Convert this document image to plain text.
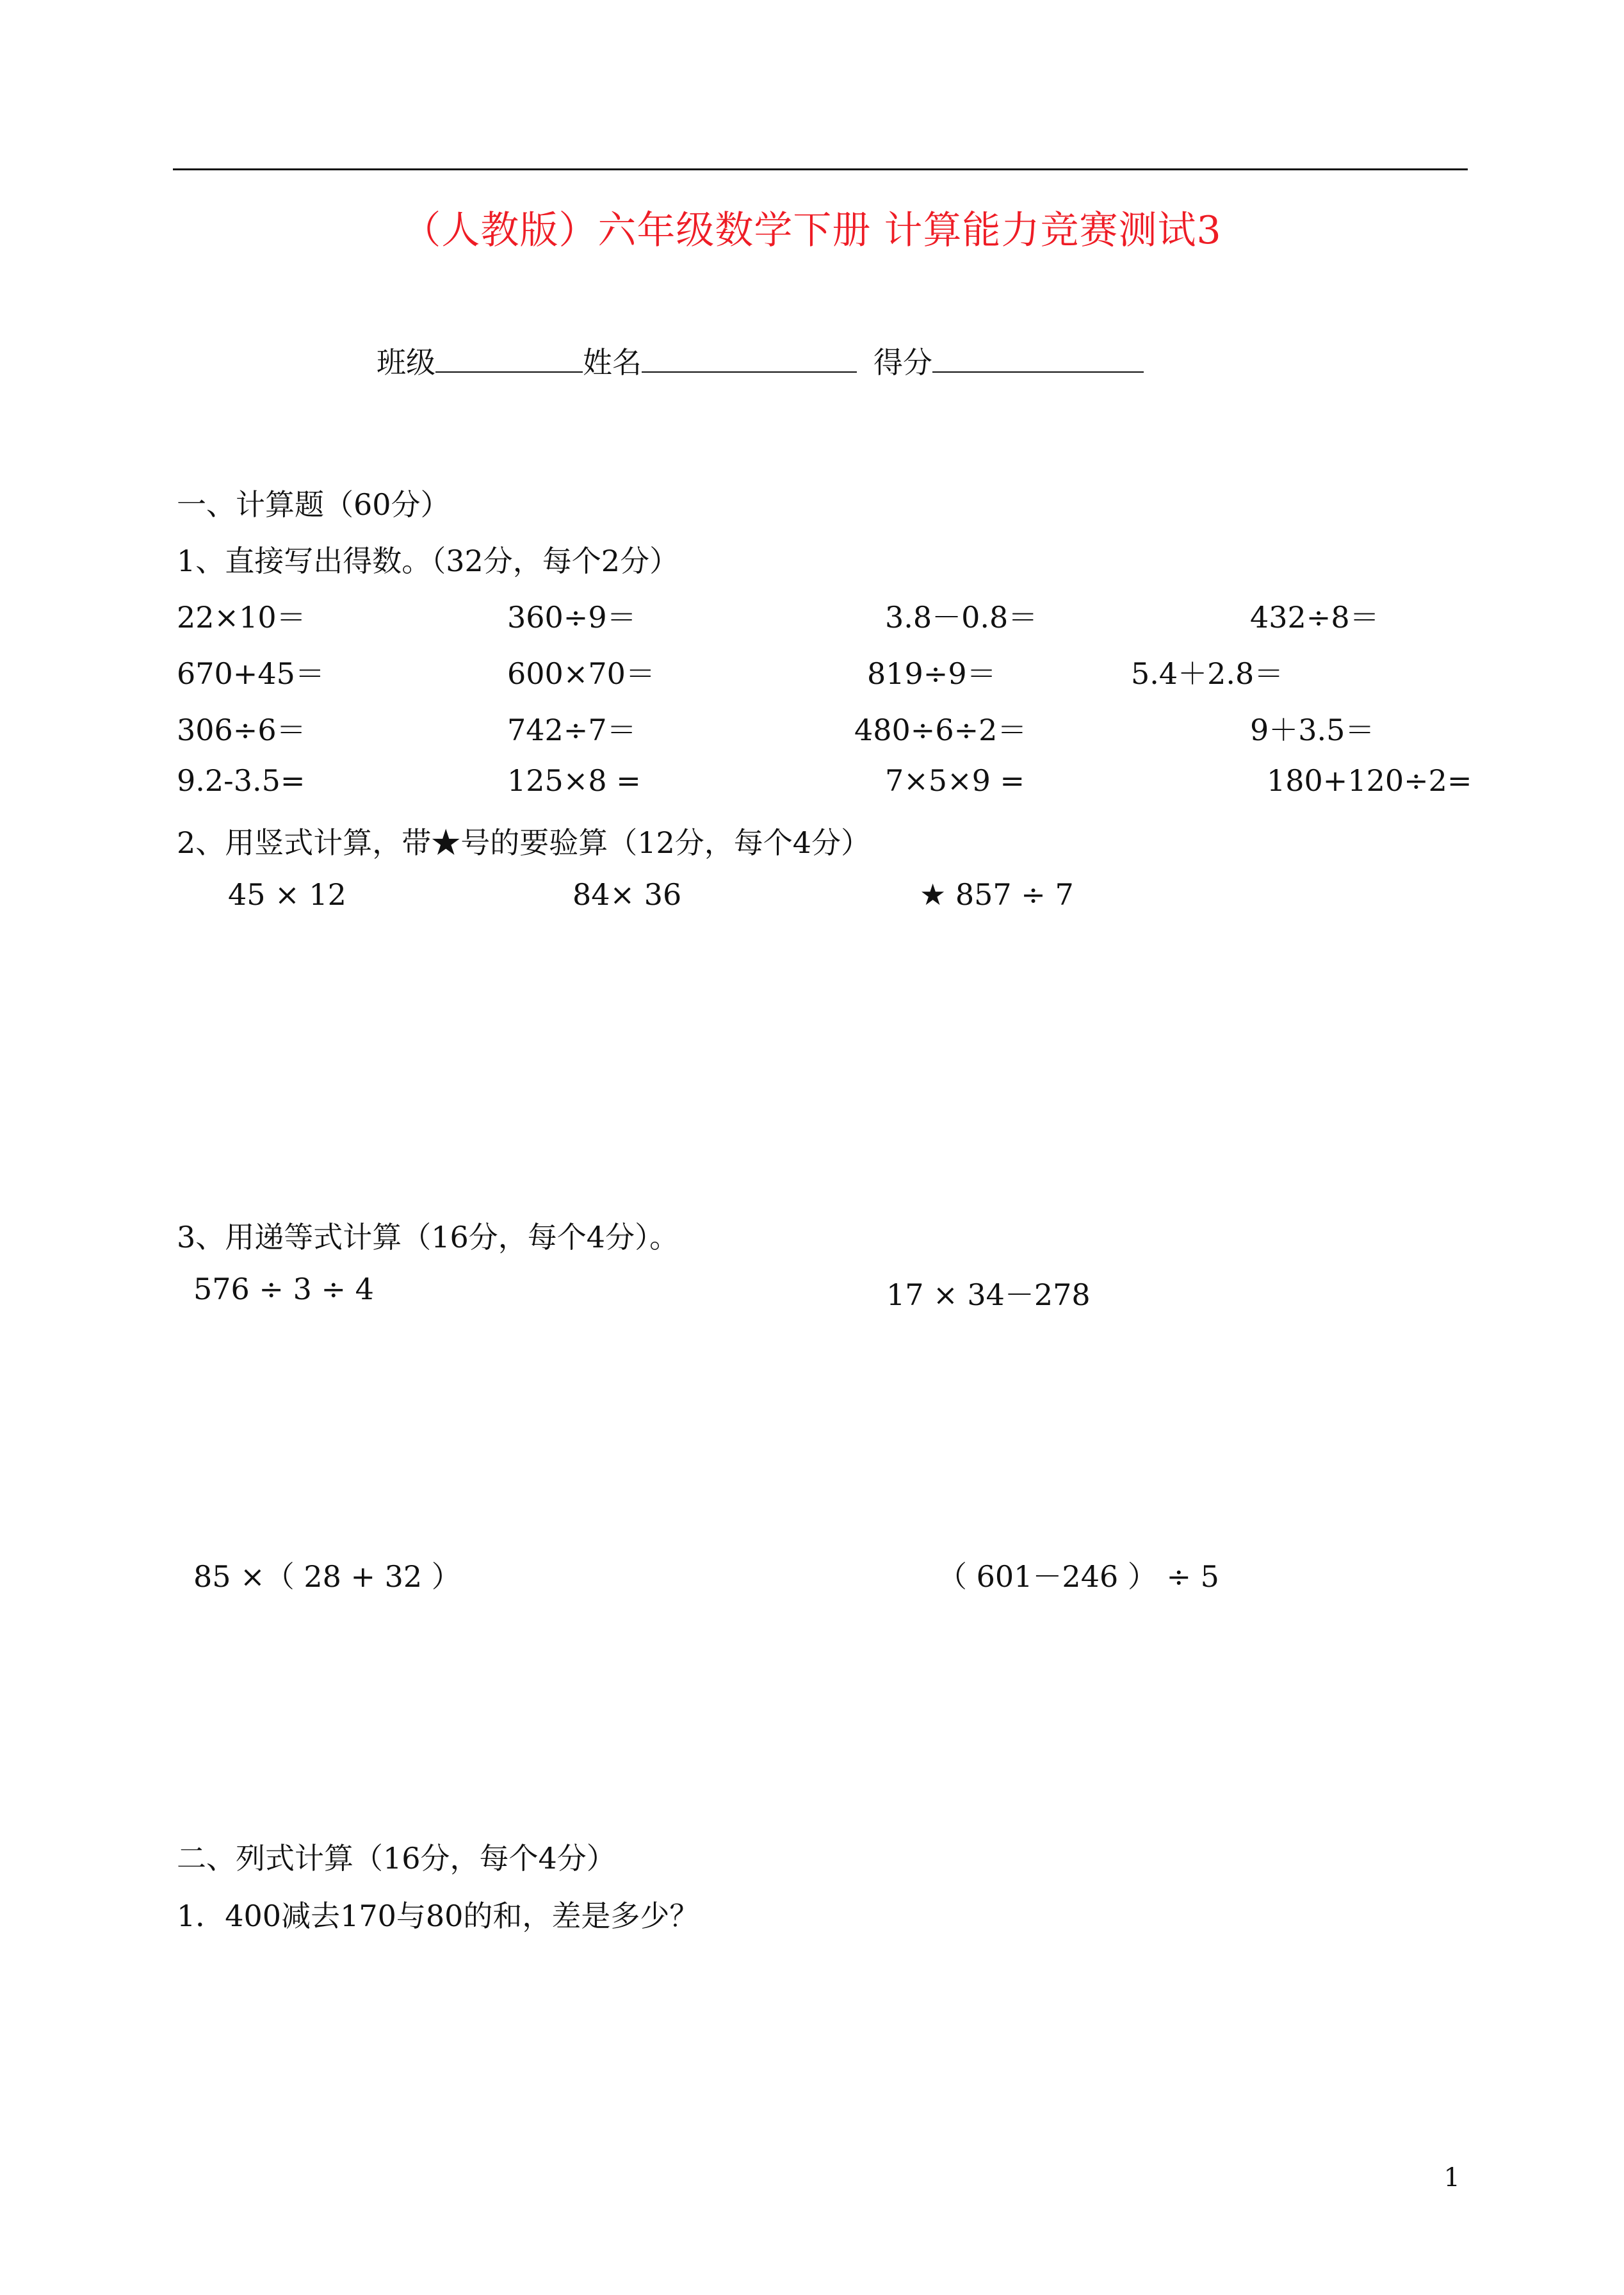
（人教版）六年级数学下册 计算能力竞赛测试3
班级	姓名	得分
一、计算题（60分）
1、直接写出得数。（32分，每个2分）
22×10＝	360÷9＝	3.8－0.8＝	432÷8＝
670+45＝	600×70＝	819÷9＝	5.4＋2.8＝
306÷6＝	742÷7＝	480÷6÷2＝	9＋3.5＝
9.2-3.5=	125×8 =	7×5×9 =	180+120÷2=
2、用竖式计算，带★号的要验算（12分，每个4分）
45 × 12	84× 36	★ 857 ÷ 7
3、用递等式计算（16分，每个4分）。
576 ÷ 3 ÷ 4	17 × 34－278
85 ×（ 28 + 32 ）	（ 601－246 ） ÷ 5
二、列式计算（16分，每个4分）
1．400减去170与80的和，差是多少？
1
